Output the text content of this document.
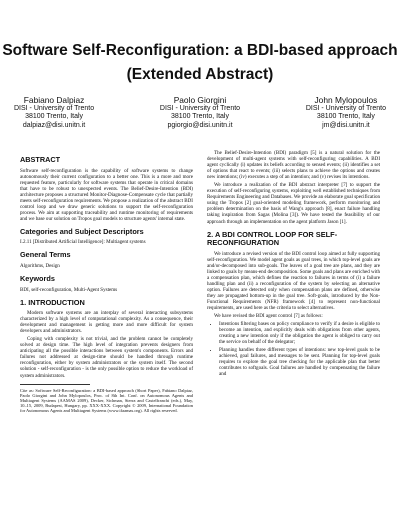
Software Self-Reconfiguration: a BDI-based approach
(Extended Abstract)
Fabiano Dalpiaz
DISI - University of Trento
38100 Trento, Italy
dalpiaz@disi.unitn.it
Paolo Giorgini
DISI - University of Trento
38100 Trento, Italy
pgiorgio@disi.unitn.it
John Mylopoulos
DISI - University of Trento
38100 Trento, Italy
jm@disi.unitn.it
ABSTRACT

Software self-reconfiguration is the capability of software systems to change autonomously their current configuration to a better one. This is a more and more requested feature, particularly for software systems that operate in critical domains that have to be robust to unexpected events. The Belief-Desire-Intention (BDI) architecture proposes a structured Monitor-Diagnose-Compensate cycle that partially meets self-reconfiguration requirements. We propose a realization of the abstract BDI control loop and we draw generic solutions to support the self-reconfiguration process. We aim at supporting traceability and runtime monitoring of requirements and we base our solution on Tropos goal models to structure agents' internal state.

Categories and Subject Descriptors

I.2.11 [Distributed Artificial Intelligence]: Multiagent systems

General Terms

Algorithms, Design

Keywords

BDI, self-reconfiguration, Multi-Agent Systems

1. INTRODUCTION

Modern software systems are an interplay of several interacting subsystems characterized by a high level of computational complexity. As a consequence, their development and management is getting more and more difficult for system developers and administrators.

Coping with complexity is not trivial, and the problem cannot be completely solved at design time. The high level of integration prevents designers from anticipating all the possible interactions between system's components. Errors and failures not addressed at design-time should be handled through runtime reconfiguration, either by system administrators or the system itself. The second solution - self-reconfiguration - is the only possible option to reduce the workload of system administrators.

Cite as: Software Self-Reconfiguration: a BDI-based approach (Short Paper), Fabiano Dalpiaz, Paolo Giorgini and John Mylopoulos, Proc. of 8th Int. Conf. on Autonomous Agents and Multiagent Systems (AAMAS 2009), Decker, Sichman, Sierra and Castelfranchi (eds.), May, 10–15, 2009, Budapest, Hungary, pp. XXX-XXX. Copyright © 2009, International Foundation for Autonomous Agents and Multiagent Systems (www.ifaamas.org). All rights reserved.

The Belief-Desire-Intention (BDI) paradigm [5] is a natural solution for the development of multi-agent systems with self-reconfiguring capabilities. A BDI agent cyclically (i) updates its beliefs according to sensed events; (ii) identifies a set of options that react to events; (iii) selects plans to achieve the options and creates new intentions; (iv) executes a step of an intention; and (v) revises its intentions.

We introduce a realization of the BDI abstract interpreter [7] to support the execution of self-reconfiguring systems, exploiting well established techniques from Requirements Engineering and Databases. We provide an elaborate goal specification using the Tropos [2] goal-oriented modeling framework, perform monitoring and problem determination on the basis of Wang's approach [8], enact failure handling taking inspiration from Sagas (Molina [3]). We have tested the feasibility of our approach through an implementation on the agent platform Jason [1].

2. A BDI CONTROL LOOP FOR SELF-RECONFIGURATION

We introduce a revised version of the BDI control loop aimed at fully supporting self-reconfiguration. We model agent goals as goal trees, in which top-level goals are and/or-decomposed into sub-goals. The leaves of a goal tree are plans, and they are linked to goals by means-end decomposition. Some goals and plans are enriched with a compensation plan, which defines the reaction to failures in terms of (i) a failure handling plan and (ii) a reconfiguration of the system by selecting an alternative option. Failures are detected only when compensation plans are defined, otherwise they are propagated bottom-up in the goal tree. Soft-goals, introduced by the Non-Functional Requirements (NFR) framework [4] to represent non-functional requirements, are used here as the criteria to select alternatives.

We have revised the BDI agent control [7] as follows:

• Intentions filtering bases on policy compliance to verify if a desire is eligible to become an intention, and explicitly deals with obligations from other agents, creating a new intention only if the obligation the agent is obliged to carry out the service on behalf of the delegator;
• Planning handles three different types of intentions: new top-level goals to be achieved, goal failures, and messages to be sent. Planning for top-level goals requires to explore the goal tree checking for the applicable plan that better contributes to softgoals. Goal failures are handled by compensating the failure and
